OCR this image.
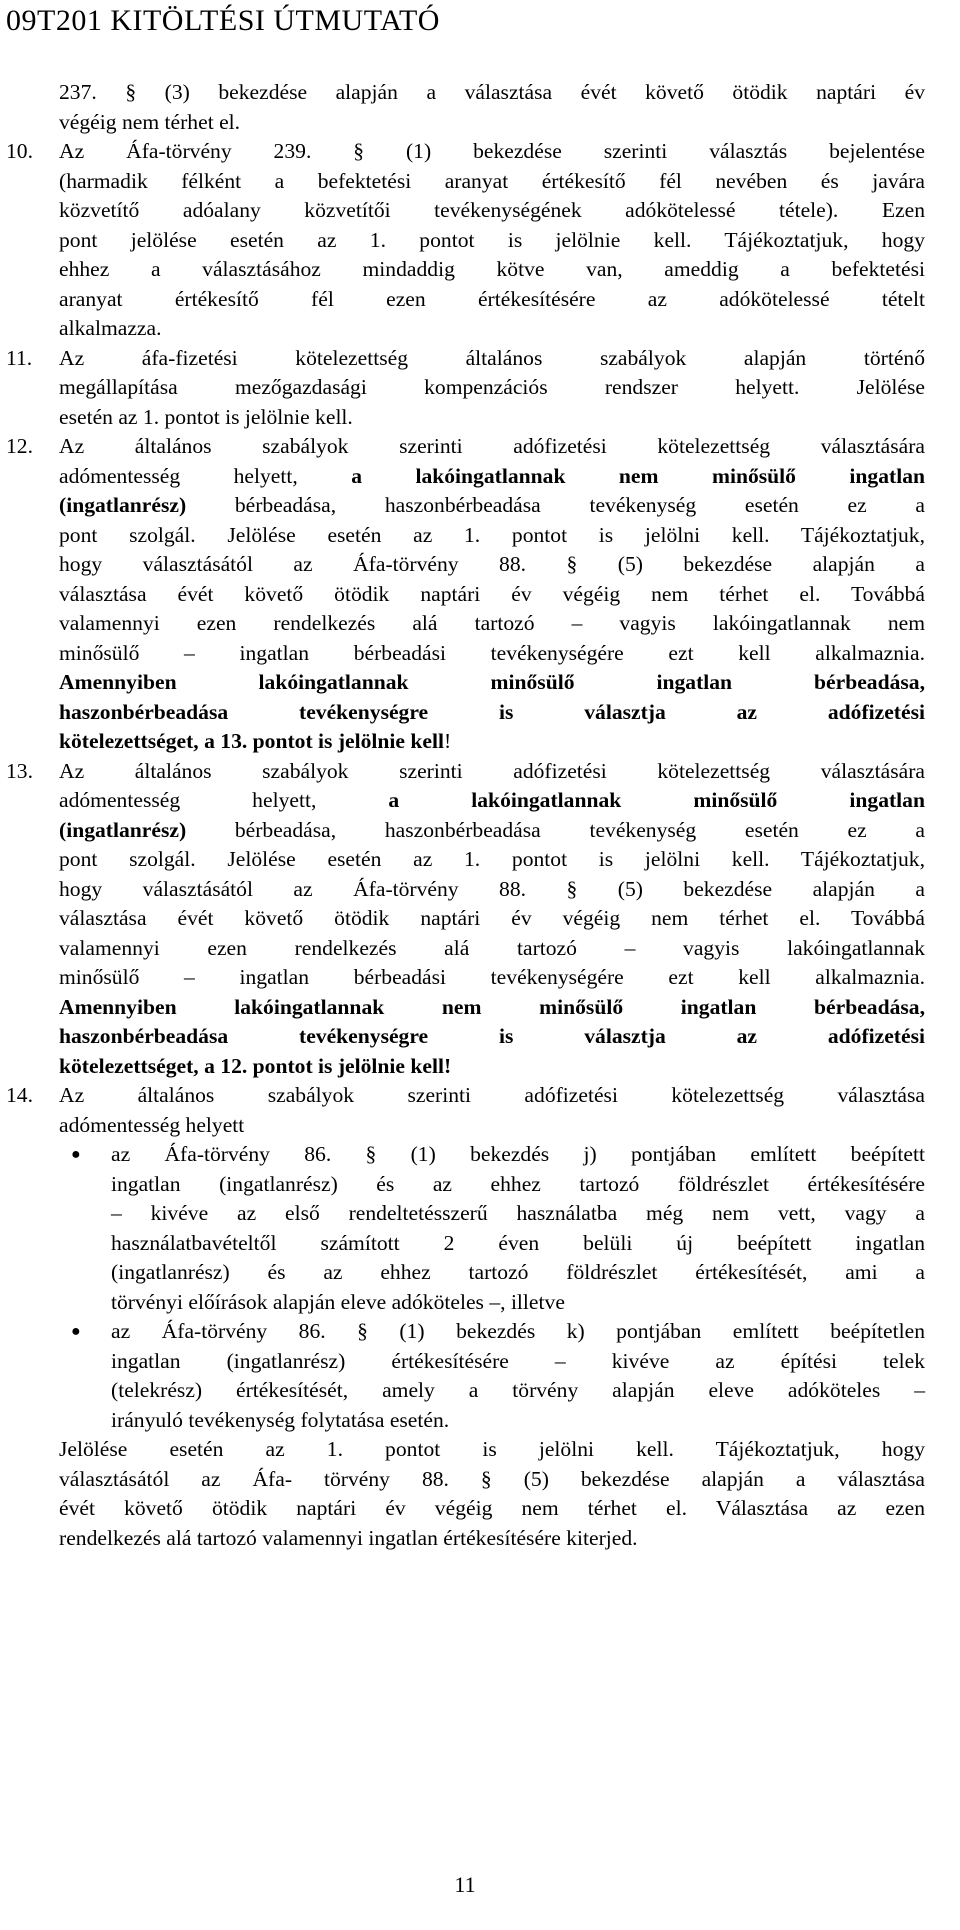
09T201 KITÖLTÉSI ÚTMUTATÓ
237. § (3) bekezdése alapján a választása évét követő ötödik naptári év
végéig nem térhet el.
10. Az Áfa-törvény 239. § (1) bekezdése szerinti választás bejelentése
(harmadik félként a befektetési aranyat értékesítő fél nevében és javára
közvetítő adóalany közvetítői tevékenységének adókötelessé tétele). Ezen
pont jelölése esetén az 1. pontot is jelölnie kell. Tájékoztatjuk, hogy
ehhez a választásához mindaddig kötve van, ameddig a befektetési
aranyat értékesítő fél ezen értékesítésére az adókötelessé tételt
alkalmazza.
11. Az áfa-fizetési kötelezettség általános szabályok alapján történő
megállapítása mezőgazdasági kompenzációs rendszer helyett. Jelölése
esetén az 1. pontot is jelölnie kell.
12. Az általános szabályok szerinti adófizetési kötelezettség választására
adómentesség helyett, a lakóingatlannak nem minősülő ingatlan
(ingatlanrész) bérbeadása, haszonbérbeadása tevékenység esetén ez a
pont szolgál. Jelölése esetén az 1. pontot is jelölni kell. Tájékoztatjuk,
hogy választásától az Áfa-törvény 88. § (5) bekezdése alapján a
választása évét követő ötödik naptári év végéig nem térhet el. Továbbá
valamennyi ezen rendelkezés alá tartozó – vagyis lakóingatlannak nem
minősülő – ingatlan bérbeadási tevékenységére ezt kell alkalmaznia.
Amennyiben lakóingatlannak minősülő ingatlan bérbeadása,
haszonbérbeadása tevékenységre is választja az adófizetési
kötelezettséget, a 13. pontot is jelölnie kell!
13. Az általános szabályok szerinti adófizetési kötelezettség választására
adómentesség helyett, a lakóingatlannak minősülő ingatlan
(ingatlanrész) bérbeadása, haszonbérbeadása tevékenység esetén ez a
pont szolgál. Jelölése esetén az 1. pontot is jelölni kell. Tájékoztatjuk,
hogy választásától az Áfa-törvény 88. § (5) bekezdése alapján a
választása évét követő ötödik naptári év végéig nem térhet el. Továbbá
valamennyi ezen rendelkezés alá tartozó – vagyis lakóingatlannak
minősülő – ingatlan bérbeadási tevékenységére ezt kell alkalmaznia.
Amennyiben lakóingatlannak nem minősülő ingatlan bérbeadása,
haszonbérbeadása tevékenységre is választja az adófizetési
kötelezettséget, a 12. pontot is jelölnie kell!
14. Az általános szabályok szerinti adófizetési kötelezettség választása
adómentesség helyett
● az Áfa-törvény 86. § (1) bekezdés j) pontjában említett beépített
ingatlan (ingatlanrész) és az ehhez tartozó földrészlet értékesítésére
– kivéve az első rendeltetésszerű használatba még nem vett, vagy a
használatbavételtől számított 2 éven belüli új beépített ingatlan
(ingatlanrész) és az ehhez tartozó földrészlet értékesítését, ami a
törvényi előírások alapján eleve adóköteles –, illetve
● az Áfa-törvény 86. § (1) bekezdés k) pontjában említett beépítetlen
ingatlan (ingatlanrész) értékesítésére – kivéve az építési telek
(telekrész) értékesítését, amely a törvény alapján eleve adóköteles –
irányuló tevékenység folytatása esetén.
Jelölése esetén az 1. pontot is jelölni kell. Tájékoztatjuk, hogy
választásától az Áfa- törvény 88. § (5) bekezdése alapján a választása
évét követő ötödik naptári év végéig nem térhet el. Választása az ezen
rendelkezés alá tartozó valamennyi ingatlan értékesítésére kiterjed.
11
